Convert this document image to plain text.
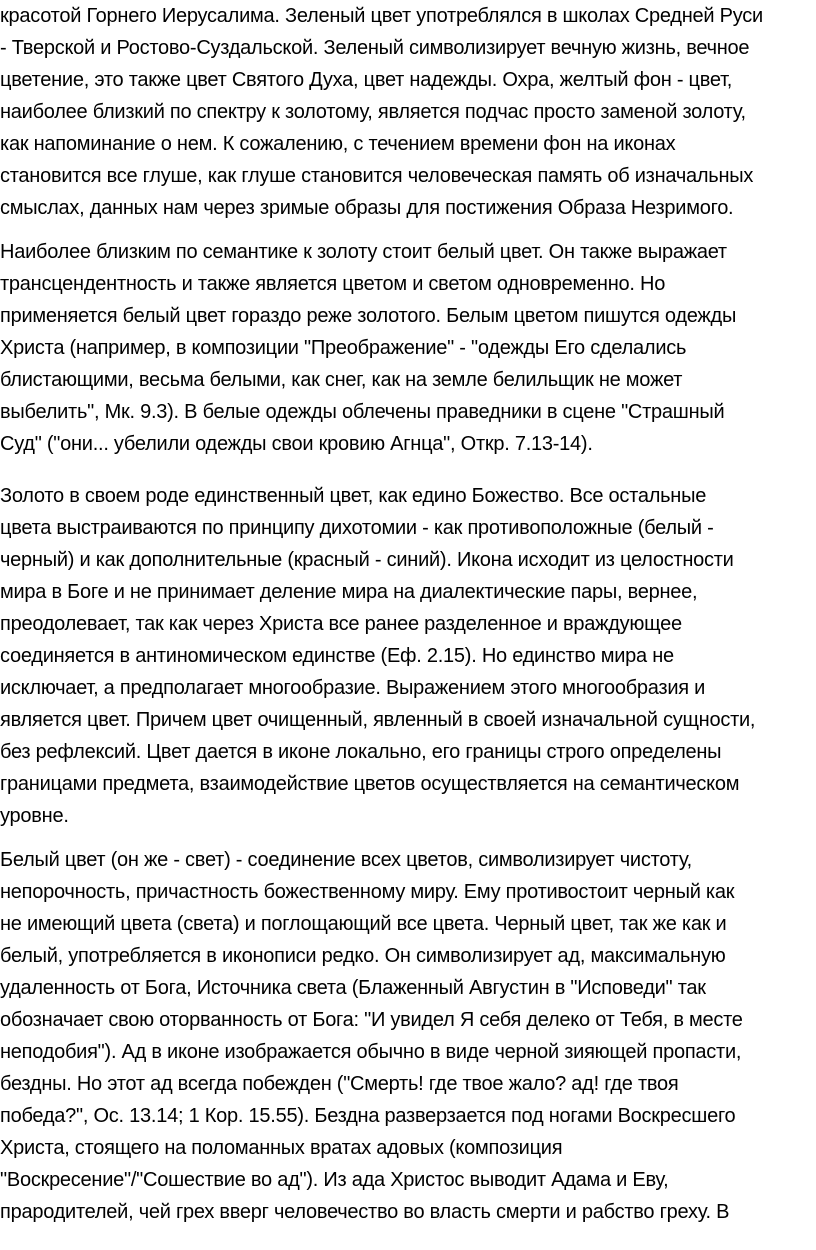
красотой Горнего Иерусалима. Зеленый цвет употреблялся в школах Средней Руси
- Тверской и Ростово-Суздальской. Зеленый символизирует вечную жизнь, вечное
цветение, это также цвет Святого Духа, цвет надежды. Охра, желтый фон - цвет,
наиболее близкий по спектру к золотому, является подчас просто заменой золоту,
как напоминание о нем. К сожалению, с течением времени фон на иконах
становится все глуше, как глуше становится человеческая память об изначальных
смыслах, данных нам через зримые образы для постижения Образа Незримого.
Наиболее близким по семантике к золоту стоит белый цвет. Он также выражает
трансцендентность и также является цветом и светом одновременно. Но
применяется белый цвет гораздо реже золотого. Белым цветом пишутся одежды
Христа (например, в композиции "Преображение" - "одежды Его сделались
блистающими, весьма белыми, как снег, как на земле белильщик не может
выбелить", Мк. 9.3). В белые одежды облечены праведники в сцене "Страшный
Суд" ("они... убелили одежды свои кровию Агнца", Откр. 7.13-14).
Золото в своем роде единственный цвет, как едино Божество. Все остальные
цвета выстраиваются по принципу дихотомии - как противоположные (белый -
черный) и как дополнительные (красный - синий). Икона исходит из целостности
мира в Боге и не принимает деление мира на диалектические пары, вернее,
преодолевает, так как через Христа все ранее разделенное и враждующее
соединяется в антиномическом единстве (Еф. 2.15). Но единство мира не
исключает, а предполагает многообразие. Выражением этого многообразия и
является цвет. Причем цвет очищенный, явленный в своей изначальной сущности,
без рефлексий. Цвет дается в иконе локально, его границы строго определены
границами предмета, взаимодействие цветов осуществляется на семантическом
уровне.
Белый цвет (он же - свет) - соединение всех цветов, символизирует чистоту,
непорочность, причастность божественному миру. Ему противостоит черный как
не имеющий цвета (света) и поглощающий все цвета. Черный цвет, так же как и
белый, употребляется в иконописи редко. Он символизирует ад, максимальную
удаленность от Бога, Источника света (Блаженный Августин в "Исповеди" так
обозначает свою оторванность от Бога: "И увидел Я себя делеко от Тебя, в месте
неподобия"). Ад в иконе изображается обычно в виде черной зияющей пропасти,
бездны. Но этот ад всегда побежден ("Смерть! где твое жало? ад! где твоя
победа?", Ос. 13.14; 1 Кор. 15.55). Бездна разверзается под ногами Воскресшего
Христа, стоящего на поломанных вратах адовых (композиция
"Воскресение"/"Сошествие во ад"). Из ада Христос выводит Адама и Еву,
прародителей, чей грех вверг человечество во власть смерти и рабство греху. В
